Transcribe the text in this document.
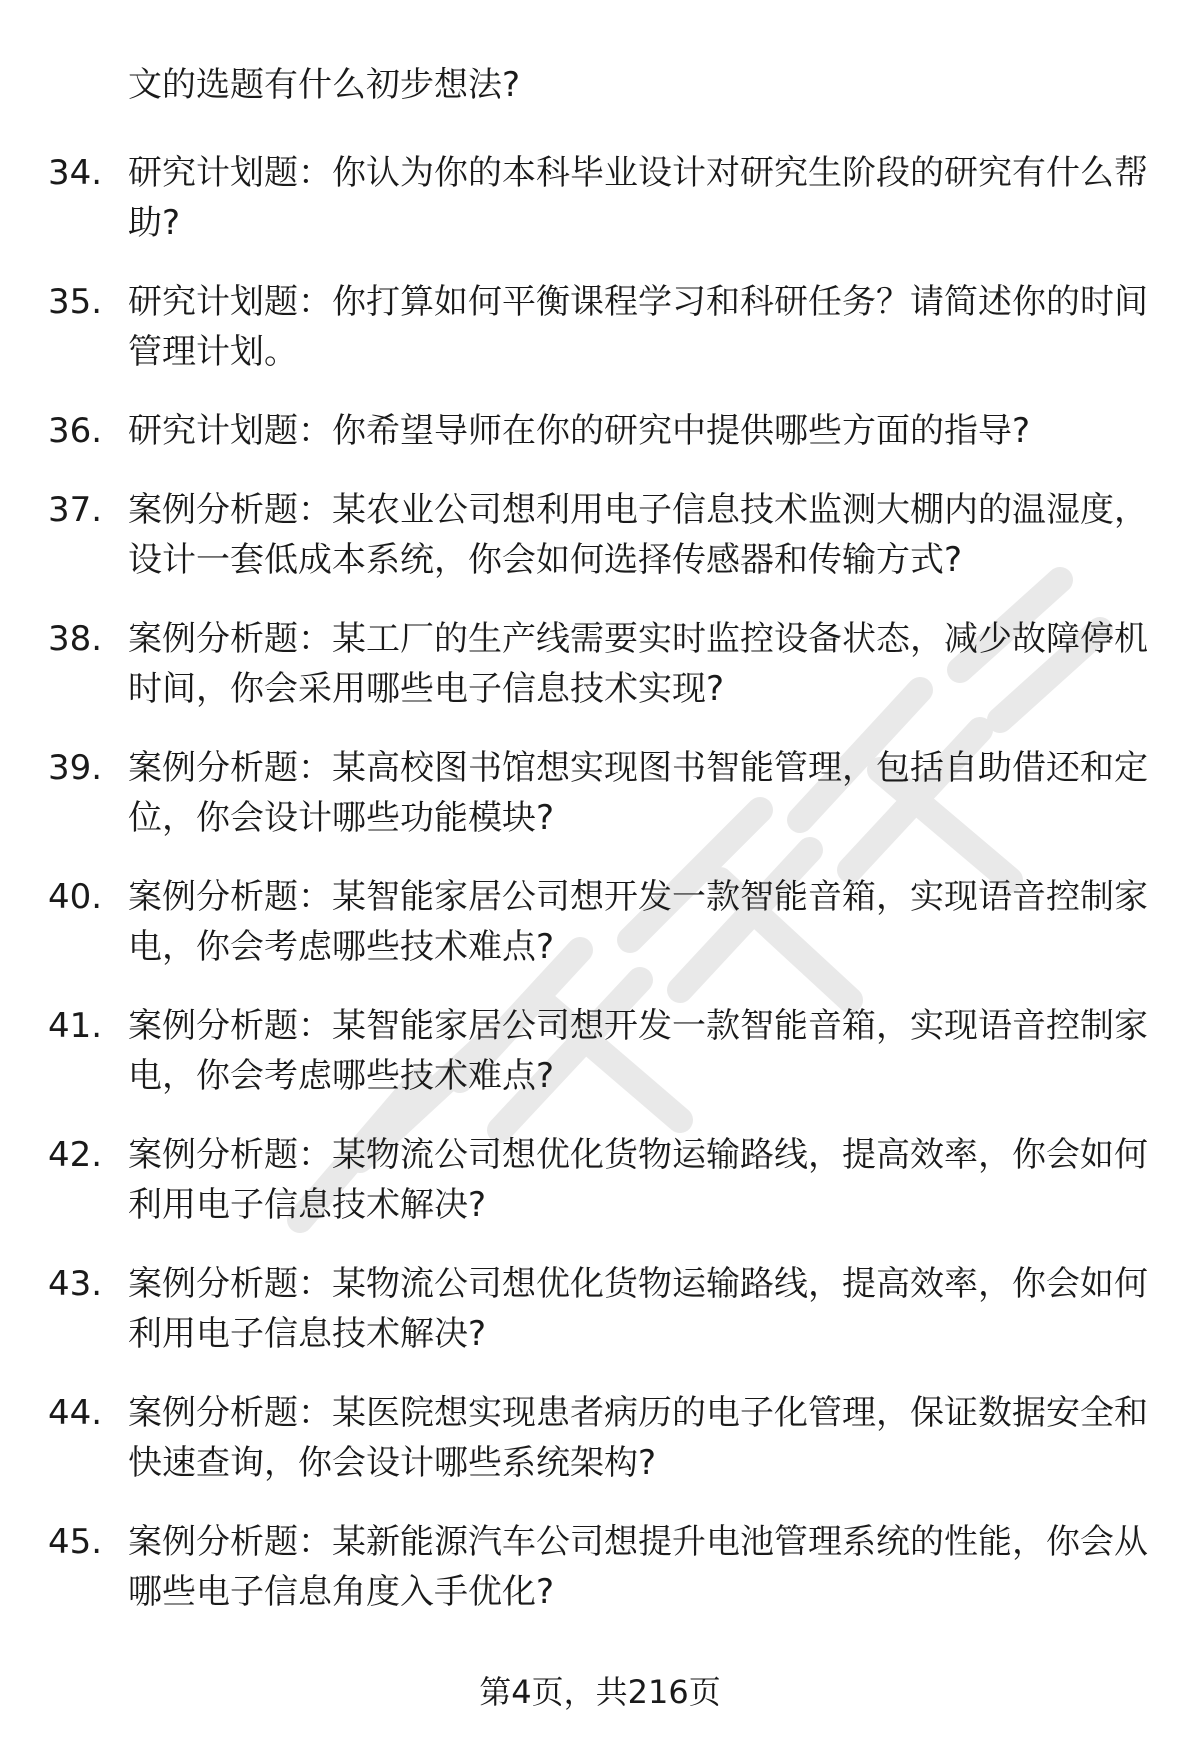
文的选题有什么初步想法?
34. 研究计划题：你认为你的本科毕业设计对研究生阶段的研究有什么帮助?
35. 研究计划题：你打算如何平衡课程学习和科研任务？请简述你的时间管理计划。
36. 研究计划题：你希望导师在你的研究中提供哪些方面的指导?
37. 案例分析题：某农业公司想利用电子信息技术监测大棚内的温湿度，设计一套低成本系统，你会如何选择传感器和传输方式?
38. 案例分析题：某工厂的生产线需要实时监控设备状态，减少故障停机时间，你会采用哪些电子信息技术实现?
39. 案例分析题：某高校图书馆想实现图书智能管理，包括自助借还和定位，你会设计哪些功能模块?
40. 案例分析题：某智能家居公司想开发一款智能音箱，实现语音控制家电，你会考虑哪些技术难点?
41. 案例分析题：某智能家居公司想开发一款智能音箱，实现语音控制家电，你会考虑哪些技术难点?
42. 案例分析题：某物流公司想优化货物运输路线，提高效率，你会如何利用电子信息技术解决?
43. 案例分析题：某物流公司想优化货物运输路线，提高效率，你会如何利用电子信息技术解决?
44. 案例分析题：某医院想实现患者病历的电子化管理，保证数据安全和快速查询，你会设计哪些系统架构?
45. 案例分析题：某新能源汽车公司想提升电池管理系统的性能，你会从哪些电子信息角度入手优化?
第4页，共216页
